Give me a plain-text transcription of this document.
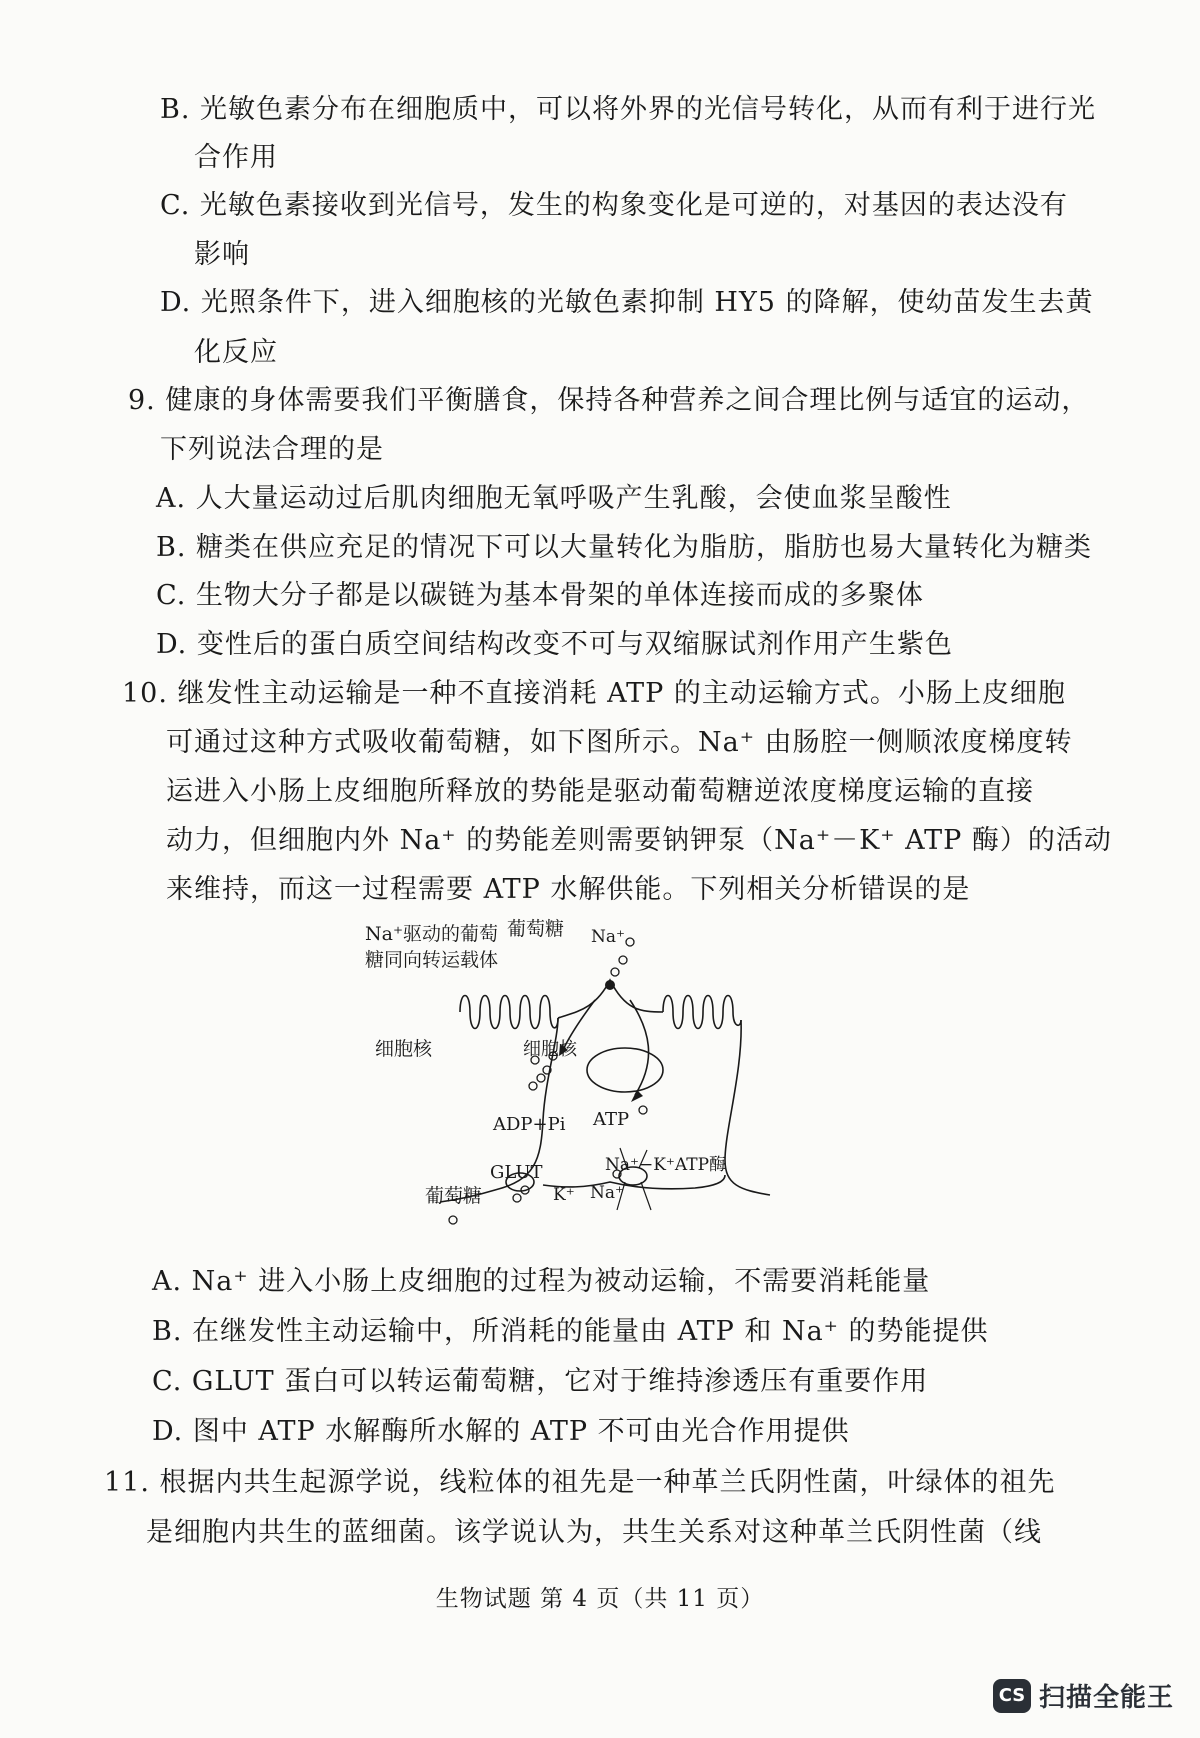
B. 光敏色素分布在细胞质中，可以将外界的光信号转化，从而有利于进行光
合作用
C. 光敏色素接收到光信号，发生的构象变化是可逆的，对基因的表达没有
影响
D. 光照条件下，进入细胞核的光敏色素抑制 HY5 的降解，使幼苗发生去黄
化反应
9. 健康的身体需要我们平衡膳食，保持各种营养之间合理比例与适宜的运动，
下列说法合理的是
A. 人大量运动过后肌肉细胞无氧呼吸产生乳酸，会使血浆呈酸性
B. 糖类在供应充足的情况下可以大量转化为脂肪，脂肪也易大量转化为糖类
C. 生物大分子都是以碳链为基本骨架的单体连接而成的多聚体
D. 变性后的蛋白质空间结构改变不可与双缩脲试剂作用产生紫色
10. 继发性主动运输是一种不直接消耗 ATP 的主动运输方式。小肠上皮细胞
可通过这种方式吸收葡萄糖，如下图所示。Na⁺ 由肠腔一侧顺浓度梯度转
运进入小肠上皮细胞所释放的势能是驱动葡萄糖逆浓度梯度运输的直接
动力，但细胞内外 Na⁺ 的势能差则需要钠钾泵（Na⁺－K⁺ ATP 酶）的活动
来维持，而这一过程需要 ATP 水解供能。下列相关分析错误的是
Na⁺驱动的葡萄
糖同向转运载体
葡萄糖 Na⁺
细胞核	细胞核
ADP+Pi ATP
GLUT	Na⁺−K⁺ATP酶
葡萄糖	K⁺ Na⁺
A. Na⁺ 进入小肠上皮细胞的过程为被动运输，不需要消耗能量
B. 在继发性主动运输中，所消耗的能量由 ATP 和 Na⁺ 的势能提供
C. GLUT 蛋白可以转运葡萄糖，它对于维持渗透压有重要作用
D. 图中 ATP 水解酶所水解的 ATP 不可由光合作用提供
11. 根据内共生起源学说，线粒体的祖先是一种革兰氏阴性菌，叶绿体的祖先
是细胞内共生的蓝细菌。该学说认为，共生关系对这种革兰氏阴性菌（线
生物试题 第 4 页（共 11 页）
CS 扫描全能王
